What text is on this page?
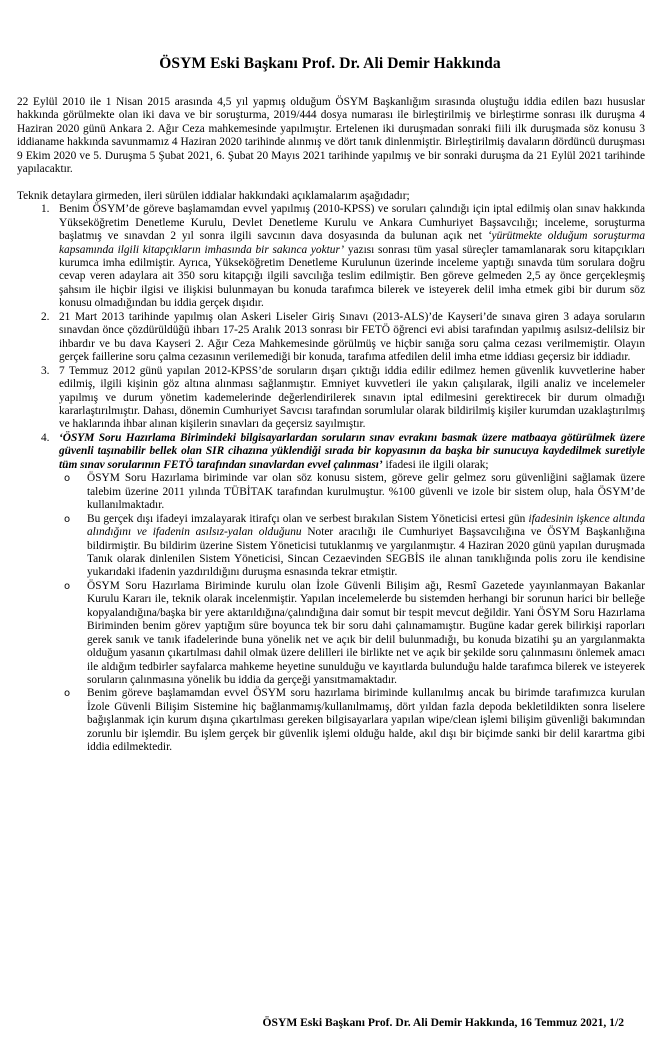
ÖSYM Eski Başkanı Prof. Dr. Ali Demir Hakkında

22 Eylül 2010 ile 1 Nisan 2015 arasında 4,5 yıl yapmış olduğum ÖSYM Başkanlığım sırasında oluştuğu iddia edilen bazı hususlar hakkında görülmekte olan iki dava ve bir soruşturma, 2019/444 dosya numarası ile birleştirilmiş ve birleştirme sonrası ilk duruşma 4 Haziran 2020 günü Ankara 2. Ağır Ceza mahkemesinde yapılmıştır. Ertelenen iki duruşmadan sonraki fiili ilk duruşmada söz konusu 3 iddianame hakkında savunmamız 4 Haziran 2020 tarihinde alınmış ve dört tanık dinlenmiştir. Birleştirilmiş davaların dördüncü duruşması 9 Ekim 2020 ve 5. Duruşma 5 Şubat 2021, 6. Şubat 20 Mayıs 2021 tarihinde yapılmış ve bir sonraki duruşma da 21 Eylül 2021 tarihinde yapılacaktır.

Teknik detaylara girmeden, ileri sürülen iddialar hakkındaki açıklamalarım aşağıdadır;

1. Benim ÖSYM’de göreve başlamamdan evvel yapılmış (2010-KPSS) ve soruları çalındığı için iptal edilmiş olan sınav hakkında Yükseköğretim Denetleme Kurulu, Devlet Denetleme Kurulu ve Ankara Cumhuriyet Başsavcılığı; inceleme, soruşturma başlatmış ve sınavdan 2 yıl sonra ilgili savcının dava dosyasında da bulunan açık net ‘yürütmekte olduğum soruşturma kapsamında ilgili kitapçıkların imhasında bir sakınca yoktur’ yazısı sonrası tüm yasal süreçler tamamlanarak soru kitapçıkları kurumca imha edilmiştir. Ayrıca, Yükseköğretim Denetleme Kurulunun üzerinde inceleme yaptığı sınavda tüm sorulara doğru cevap veren adaylara ait 350 soru kitapçığı ilgili savcılığa teslim edilmiştir. Ben göreve gelmeden 2,5 ay önce gerçekleşmiş şahsım ile hiçbir ilgisi ve ilişkisi bulunmayan bu konuda tarafımca bilerek ve isteyerek delil imha etmek gibi bir durum söz konusu olmadığından bu iddia gerçek dışıdır.
2. 21 Mart 2013 tarihinde yapılmış olan Askeri Liseler Giriş Sınavı (2013-ALS)’de Kayseri’de sınava giren 3 adaya soruların sınavdan önce çözdürüldüğü ihbarı 17-25 Aralık 2013 sonrası bir FETÖ öğrenci evi abisi tarafından yapılmış asılsız-delilsiz bir ihbardır ve bu dava Kayseri 2. Ağır Ceza Mahkemesinde görülmüş ve hiçbir sanığa soru çalma cezası verilmemiştir. Olayın gerçek faillerine soru çalma cezasının verilemediği bir konuda, tarafıma atfedilen delil imha etme iddiası geçersiz bir iddiadır.
3. 7 Temmuz 2012 günü yapılan 2012-KPSS’de soruların dışarı çıktığı iddia edilir edilmez hemen güvenlik kuvvetlerine haber edilmiş, ilgili kişinin göz altına alınması sağlanmıştır. Emniyet kuvvetleri ile yakın çalışılarak, ilgili analiz ve incelemeler yapılmış ve durum yönetim kademelerinde değerlendirilerek sınavın iptal edilmesini gerektirecek bir durum olmadığı kararlaştırılmıştır. Dahası, dönemin Cumhuriyet Savcısı tarafından sorumlular olarak bildirilmiş kişiler kurumdan uzaklaştırılmış ve haklarında ihbar alınan kişilerin sınavları da geçersiz sayılmıştır.
4. ‘ÖSYM Soru Hazırlama Birimindeki bilgisayarlardan soruların sınav evrakını basmak üzere matbaaya götürülmek üzere güvenli taşınabilir bellek olan SIR cihazına yüklendiği sırada bir kopyasının da başka bir sunucuya kaydedilmek suretiyle tüm sınav sorularının FETÖ tarafından sınavlardan evvel çalınması’ ifadesi ile ilgili olarak;
o ÖSYM Soru Hazırlama biriminde var olan söz konusu sistem, göreve gelir gelmez soru güvenliğini sağlamak üzere talebim üzerine 2011 yılında TÜBİTAK tarafından kurulmuştur. %100 güvenli ve izole bir sistem olup, hala ÖSYM’de kullanılmaktadır.
o Bu gerçek dışı ifadeyi imzalayarak itirafçı olan ve serbest bırakılan Sistem Yöneticisi ertesi gün ifadesinin işkence altında alındığını ve ifadenin asılsız-yalan olduğunu Noter aracılığı ile Cumhuriyet Başsavcılığına ve ÖSYM Başkanlığına bildirmiştir. Bu bildirim üzerine Sistem Yöneticisi tutuklanmış ve yargılanmıştır. 4 Haziran 2020 günü yapılan duruşmada Tanık olarak dinlenilen Sistem Yöneticisi, Sincan Cezaevinden SEGBİS ile alınan tanıklığında polis zoru ile kendisine yukarıdaki ifadenin yazdırıldığını duruşma esnasında tekrar etmiştir.
o ÖSYM Soru Hazırlama Biriminde kurulu olan İzole Güvenli Bilişim ağı, Resmî Gazetede yayınlanmayan Bakanlar Kurulu Kararı ile, teknik olarak incelenmiştir. Yapılan incelemelerde bu sistemden herhangi bir sorunun harici bir belleğe kopyalandığına/başka bir yere aktarıldığına/çalındığına dair somut bir tespit mevcut değildir. Yani ÖSYM Soru Hazırlama Biriminden benim görev yaptığım süre boyunca tek bir soru dahi çalınamamıştır. Bugüne kadar gerek bilirkişi raporları gerek sanık ve tanık ifadelerinde buna yönelik net ve açık bir delil bulunmadığı, bu konuda bizatihi şu an yargılanmakta olduğum yasanın çıkartılması dahil olmak üzere delilleri ile birlikte net ve açık bir şekilde soru çalınmasını önlemek amacı ile aldığım tedbirler sayfalarca mahkeme heyetine sunulduğu ve kayıtlarda bulunduğu halde tarafımca bilerek ve isteyerek soruların çalınmasına yönelik bu iddia da gerçeği yansıtmamaktadır.
o Benim göreve başlamamdan evvel ÖSYM soru hazırlama biriminde kullanılmış ancak bu birimde tarafımızca kurulan İzole Güvenli Bilişim Sistemine hiç bağlanmamış/kullanılmamış, dört yıldan fazla depoda bekletildikten sonra liselere bağışlanmak için kurum dışına çıkartılması gereken bilgisayarlara yapılan wipe/clean işlemi bilişim güvenliği bakımından zorunlu bir işlemdir. Bu işlem gerçek bir güvenlik işlemi olduğu halde, akıl dışı bir biçimde sanki bir delil karartma gibi iddia edilmektedir.
ÖSYM Eski Başkanı Prof. Dr. Ali Demir Hakkında, 16 Temmuz 2021, 1/2
